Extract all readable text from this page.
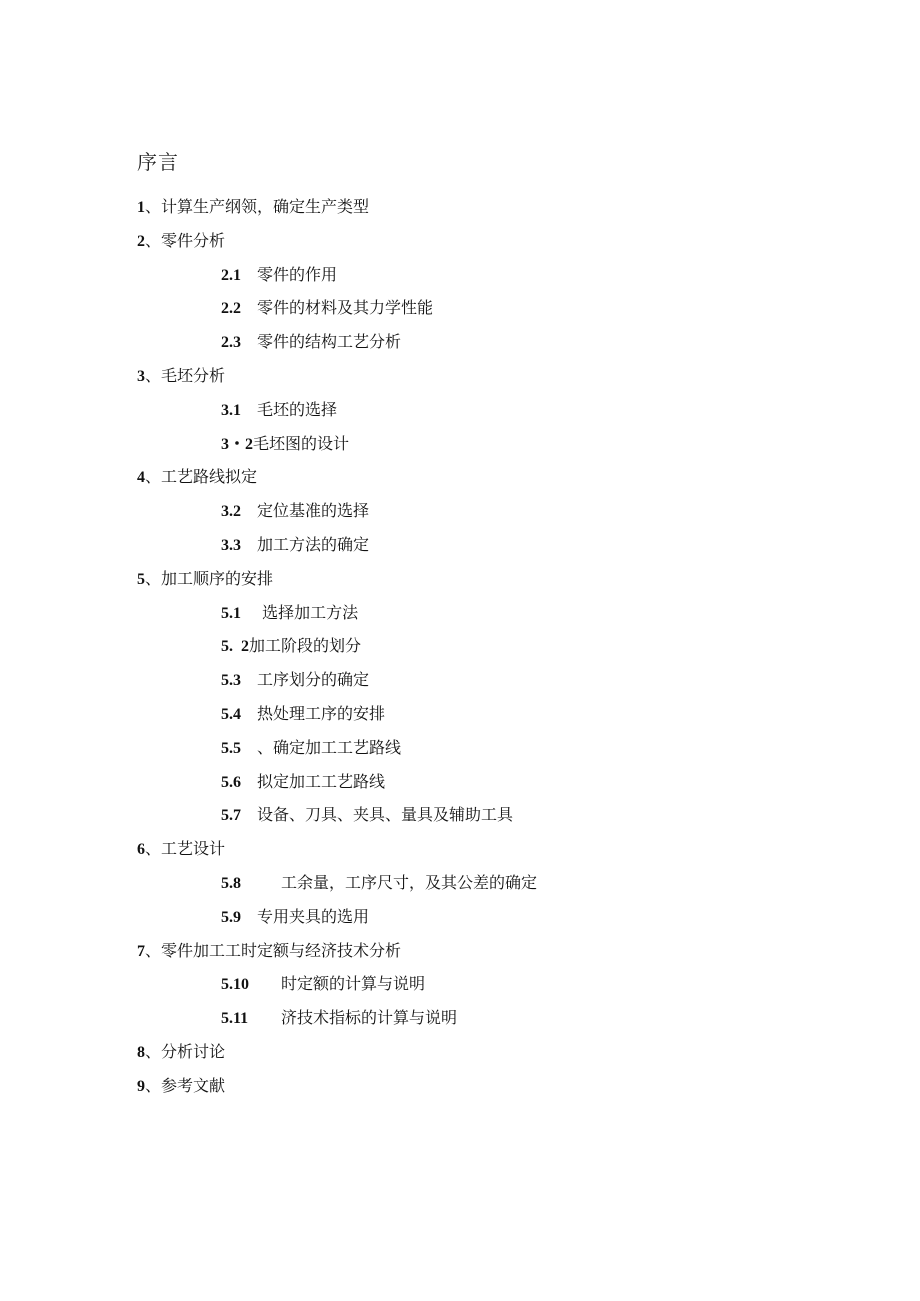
序言
1、计算生产纲领，确定生产类型
2、零件分析
2.1 零件的作用
2.2 零件的材料及其力学性能
2.3 零件的结构工艺分析
3、毛坯分析
3.1 毛坯的选择
3・2毛坯图的设计
4、工艺路线拟定
3.2 定位基准的选择
3.3 加工方法的确定
5、加工顺序的安排
5.1 选择加工方法
5.  2加工阶段的划分
5.3 工序划分的确定
5.4 热处理工序的安排
5.5 、确定加工工艺路线
5.6 拟定加工工艺路线
5.7 设备、刀具、夹具、量具及辅助工具
6、工艺设计
5.8	工余量，工序尺寸，及其公差的确定
5.9 专用夹具的选用
7、零件加工工时定额与经济技术分析
5.10 时定额的计算与说明
5.11 济技术指标的计算与说明
8、分析讨论
9、参考文献
